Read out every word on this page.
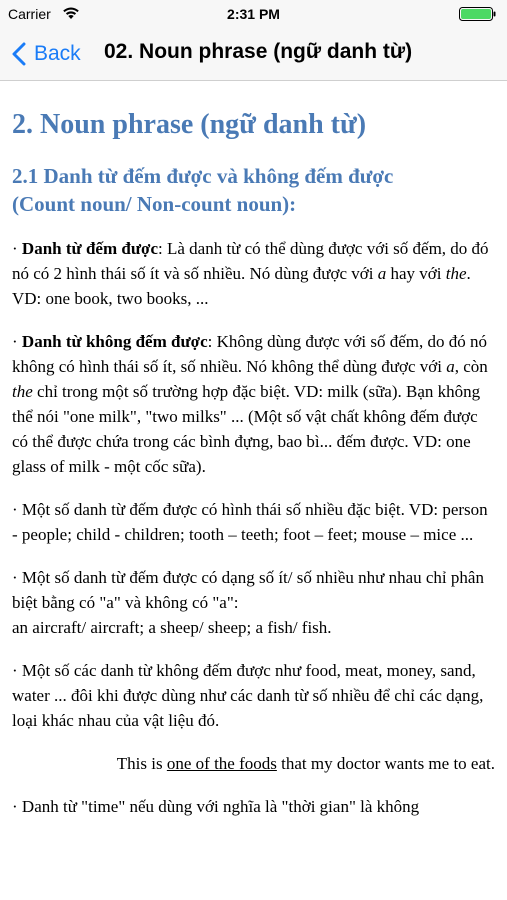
Carrier	2:31 PM
Back 02. Noun phrase (ngữ danh từ)
2. Noun phrase (ngữ danh từ)
2.1 Danh từ đếm được và không đếm được
(Count noun/ Non-count noun):

· Danh từ đếm được: Là danh từ có thể dùng được với số đếm, do đó nó có 2 hình thái số ít và số nhiều. Nó dùng được với a hay với the. VD: one book, two books, ...

· Danh từ không đếm được: Không dùng được với số đếm, do đó nó không có hình thái số ít, số nhiều. Nó không thể dùng được với a, còn the chỉ trong một số trường hợp đặc biệt. VD: milk (sữa). Bạn không thể nói "one milk", "two milks" ... (Một số vật chất không đếm được có thể được chứa trong các bình đựng, bao bì... đếm được. VD: one glass of milk - một cốc sữa).

· Một số danh từ đếm được có hình thái số nhiều đặc biệt. VD: person - people; child - children; tooth – teeth; foot – feet; mouse – mice ...

· Một số danh từ đếm được có dạng số ít/ số nhiều như nhau chỉ phân biệt bằng có "a" và không có "a":
an aircraft/ aircraft; a sheep/ sheep; a fish/ fish.

· Một số các danh từ không đếm được như food, meat, money, sand, water ... đôi khi được dùng như các danh từ số nhiều để chỉ các dạng, loại khác nhau của vật liệu đó.

This is one of the foods that my doctor wants me to eat.

· Danh từ "time" nếu dùng với nghĩa là "thời gian" là không
